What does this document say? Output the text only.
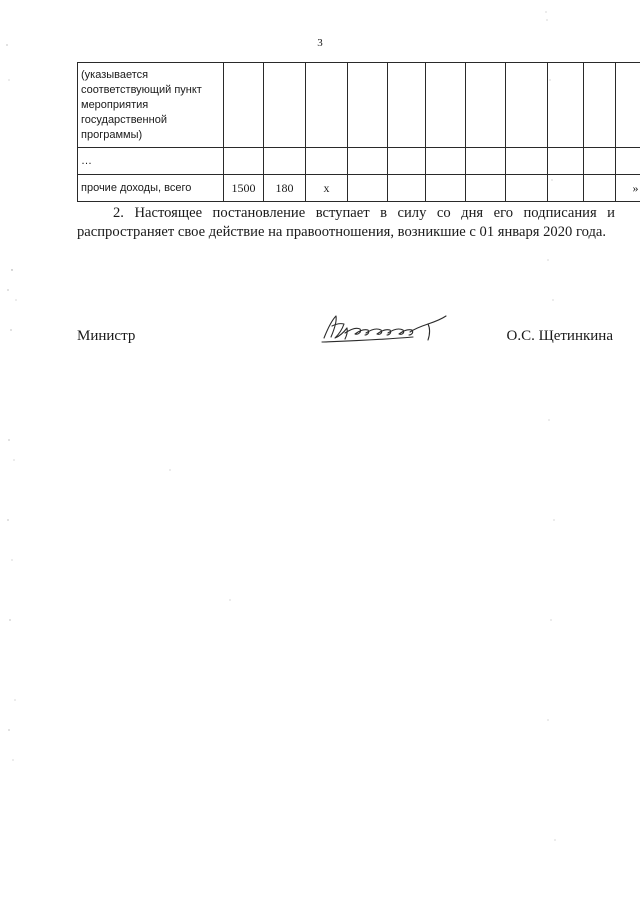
3
(указывается соответствующий пункт мероприятия государственной программы)											
…											
прочие доходы, всего	1500	180	х								»
2. Настоящее постановление вступает в силу со дня его подписания и распространяет свое действие на правоотношения, возникшие с 01 января 2020 года.
Министр	О.С. Щетинкина
